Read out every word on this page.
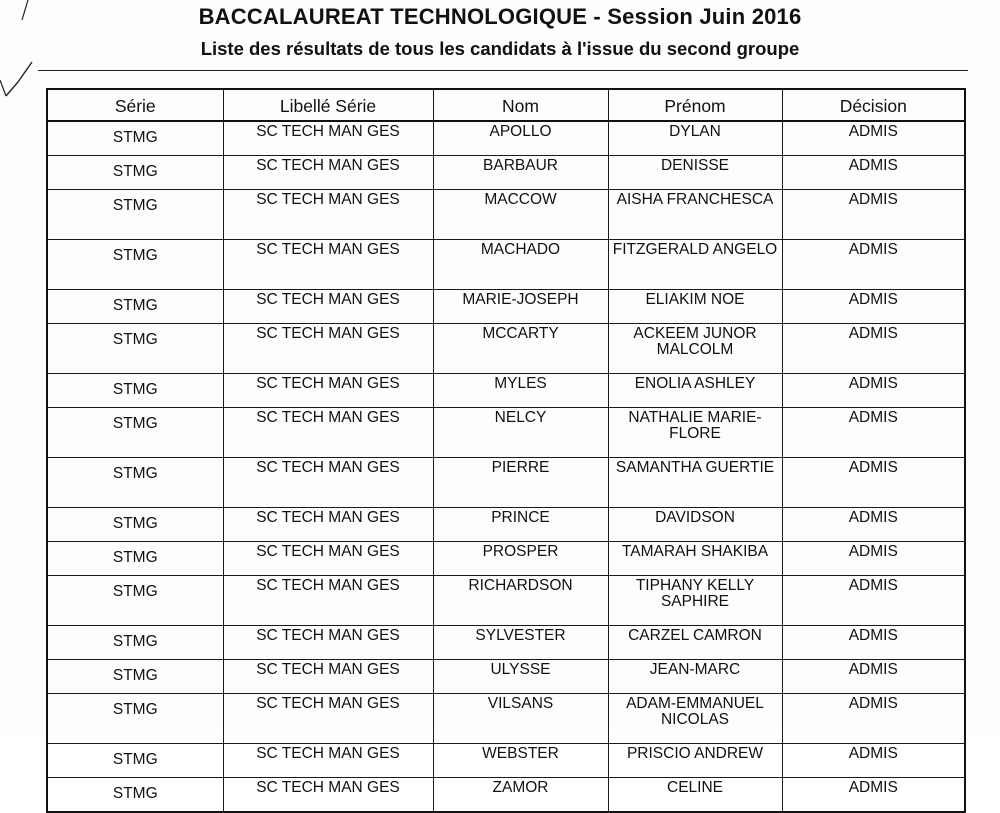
BACCALAUREAT TECHNOLOGIQUE - Session Juin 2016
Liste des résultats de tous les candidats à l'issue du second groupe
Série	Libellé Série	Nom	Prénom	Décision
STMG	SC TECH MAN GES	APOLLO	DYLAN	ADMIS
STMG	SC TECH MAN GES	BARBAUR	DENISSE	ADMIS
STMG	SC TECH MAN GES	MACCOW	AISHA FRANCHESCA	ADMIS
STMG	SC TECH MAN GES	MACHADO	FITZGERALD ANGELO	ADMIS
STMG	SC TECH MAN GES	MARIE-JOSEPH	ELIAKIM NOE	ADMIS
STMG	SC TECH MAN GES	MCCARTY	ACKEEM JUNOR MALCOLM	ADMIS
STMG	SC TECH MAN GES	MYLES	ENOLIA ASHLEY	ADMIS
STMG	SC TECH MAN GES	NELCY	NATHALIE MARIE-FLORE	ADMIS
STMG	SC TECH MAN GES	PIERRE	SAMANTHA GUERTIE	ADMIS
STMG	SC TECH MAN GES	PRINCE	DAVIDSON	ADMIS
STMG	SC TECH MAN GES	PROSPER	TAMARAH SHAKIBA	ADMIS
STMG	SC TECH MAN GES	RICHARDSON	TIPHANY KELLY SAPHIRE	ADMIS
STMG	SC TECH MAN GES	SYLVESTER	CARZEL CAMRON	ADMIS
STMG	SC TECH MAN GES	ULYSSE	JEAN-MARC	ADMIS
STMG	SC TECH MAN GES	VILSANS	ADAM-EMMANUEL NICOLAS	ADMIS
STMG	SC TECH MAN GES	WEBSTER	PRISCIO ANDREW	ADMIS
STMG	SC TECH MAN GES	ZAMOR	CELINE	ADMIS
